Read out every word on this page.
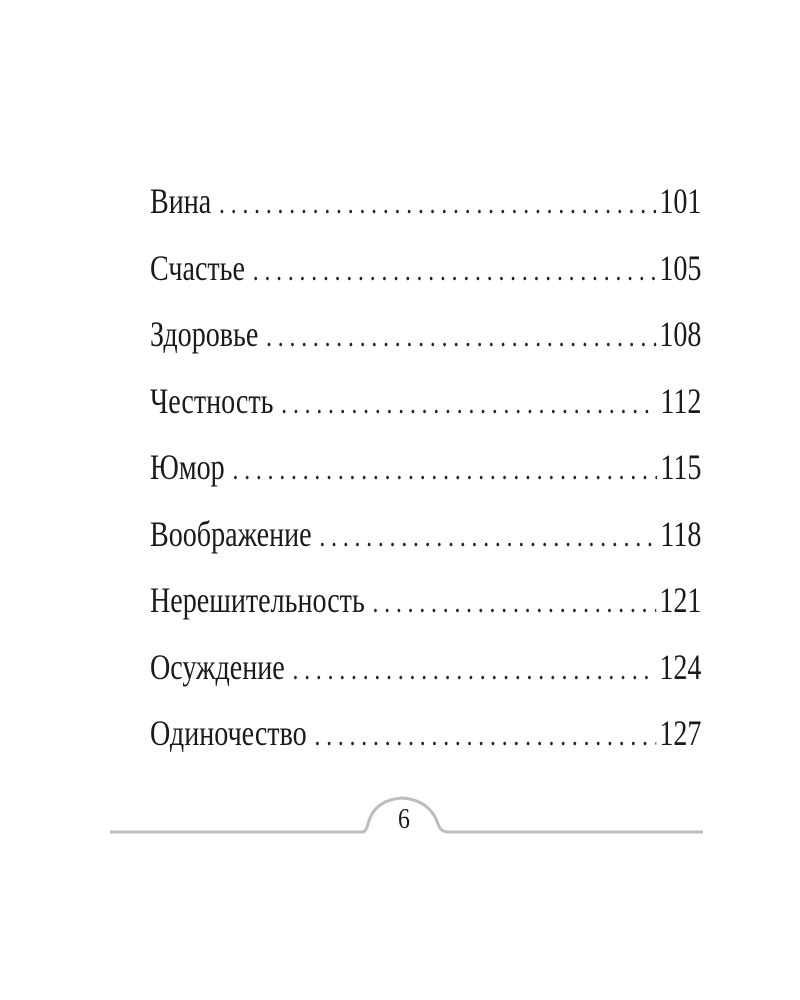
Вина . . .	101
Счастье . . .	105
Здоровье . . .	108
Честность . . .	112
Юмор . . .	115
Воображение . . .	118
Нерешительность . . .	121
Осуждение . . .	124
Одиночество . . .	127
6
